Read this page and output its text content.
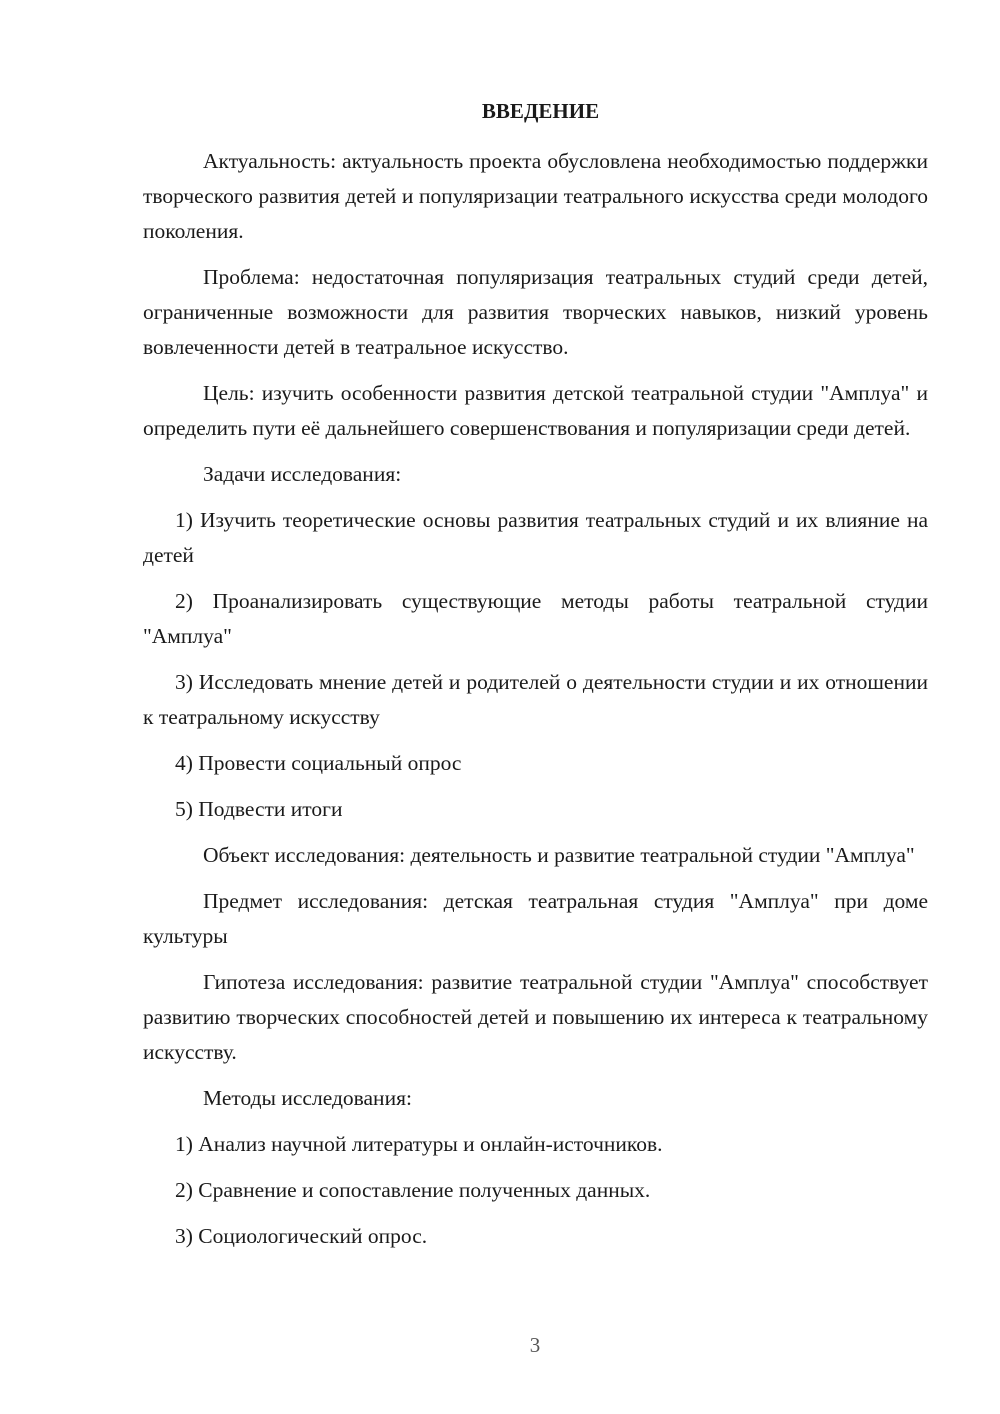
ВВЕДЕНИЕ

Актуальность: актуальность проекта обусловлена необходимостью поддержки творческого развития детей и популяризации театрального искусства среди молодого поколения.

Проблема: недостаточная популяризация театральных студий среди детей, ограниченные возможности для развития творческих навыков, низкий уровень вовлеченности детей в театральное искусство.

Цель: изучить особенности развития детской театральной студии "Амплуа" и определить пути её дальнейшего совершенствования и популяризации среди детей.

Задачи исследования:

1) Изучить теоретические основы развития театральных студий и их влияние на детей

2) Проанализировать существующие методы работы театральной студии "Амплуа"

3) Исследовать мнение детей и родителей о деятельности студии и их отношении к театральному искусству

4) Провести социальный опрос

5) Подвести итоги

Объект исследования: деятельность и развитие театральной студии "Амплуа"

Предмет исследования: детская театральная студия "Амплуа" при доме культуры

Гипотеза исследования: развитие театральной студии "Амплуа" способствует развитию творческих способностей детей и повышению их интереса к театральному искусству.

Методы исследования:

1) Анализ научной литературы и онлайн-источников.

2) Сравнение и сопоставление полученных данных.

3) Социологический опрос.

3
